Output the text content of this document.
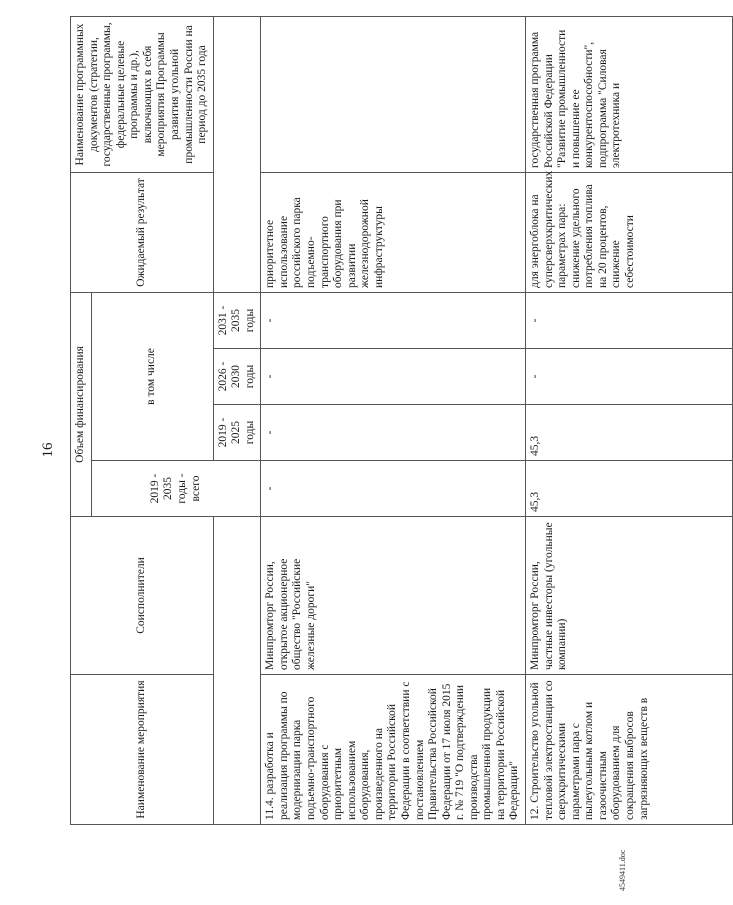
16
Наименование мероприятия	Соисполнители	Объем финансирования				Ожидаемый результат	Наименование программных документов (стратегии, государственные программы, федеральные целевые программы и др.), включающих в себя мероприятия Программы развития угольной промышленности России на период до 2035 года
		2019 - 2035 годы - всего	в том числе				
			2019 - 2025 годы	2026 - 2030 годы	2031 - 2035 годы		
11.4. разработка и реализация программы по модернизации парка подъемно-транспортного оборудования с приоритетным использованием оборудования, произведенного на территории Российской Федерации в соответствии с постановлением Правительства Российской Федерации от 17 июля 2015 г. № 719 "О подтверждении производства промышленной продукции на территории Российской Федерации"	Минпромторг России, открытое акционерное общество "Российские железные дороги"	-	-	-	-	приоритетное использование российского парка подъемно-транспортного оборудования при развитии железнодорожной инфраструктуры	
12. Строительство угольной тепловой электростанции со сверхкритическими параметрами пара с пылеугольным котлом и газоочистным оборудованием для сокращения выбросов загрязняющих веществ в	Минпромторг России, частные инвесторы (угольные компании)	45,3	45,3	-	-	для энергоблока на суперсверхкритических параметрах пара: снижение удельного потребления топлива на 20 процентов, снижение себестоимости	государственная программа Российской Федерации "Развитие промышленности и повышение ее конкурентоспособности", подпрограмма "Силовая электротехника и
4549411.doc
